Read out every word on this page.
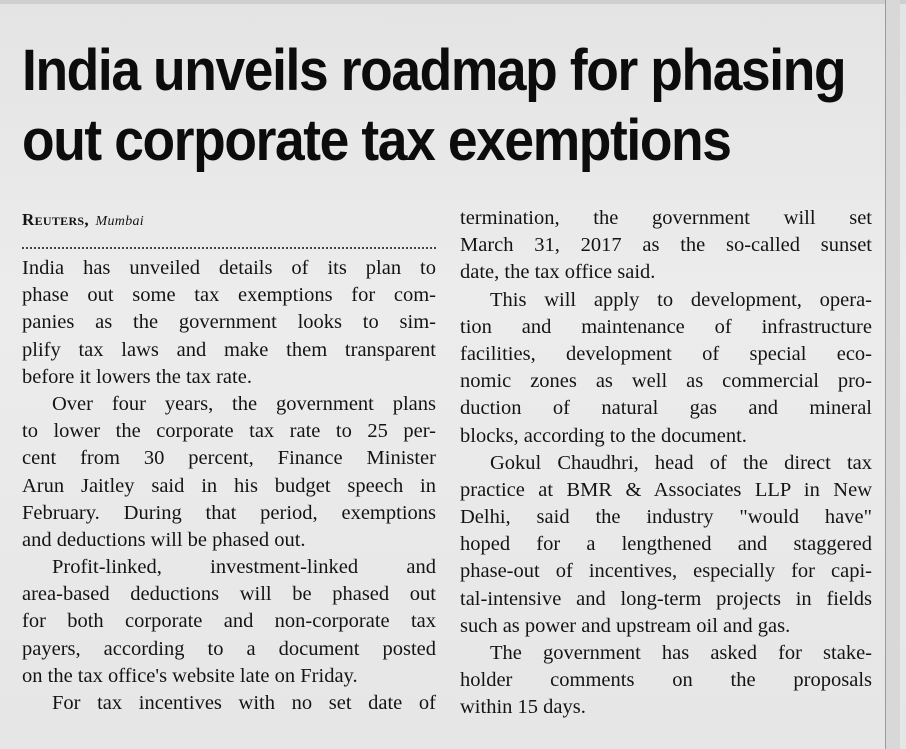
India unveils roadmap for phasing
out corporate tax exemptions
Reuters, Mumbai
India has unveiled details of its plan to
phase out some tax exemptions for com-
panies as the government looks to sim-
plify tax laws and make them transparent
before it lowers the tax rate.
Over four years, the government plans
to lower the corporate tax rate to 25 per-
cent from 30 percent, Finance Minister
Arun Jaitley said in his budget speech in
February. During that period, exemptions
and deductions will be phased out.
Profit-linked, investment-linked and
area-based deductions will be phased out
for both corporate and non-corporate tax
payers, according to a document posted
on the tax office's website late on Friday.
For tax incentives with no set date of
termination, the government will set
March 31, 2017 as the so-called sunset
date, the tax office said.
This will apply to development, opera-
tion and maintenance of infrastructure
facilities, development of special eco-
nomic zones as well as commercial pro-
duction of natural gas and mineral
blocks, according to the document.
Gokul Chaudhri, head of the direct tax
practice at BMR & Associates LLP in New
Delhi, said the industry "would have"
hoped for a lengthened and staggered
phase-out of incentives, especially for capi-
tal-intensive and long-term projects in fields
such as power and upstream oil and gas.
The government has asked for stake-
holder comments on the proposals
within 15 days.
